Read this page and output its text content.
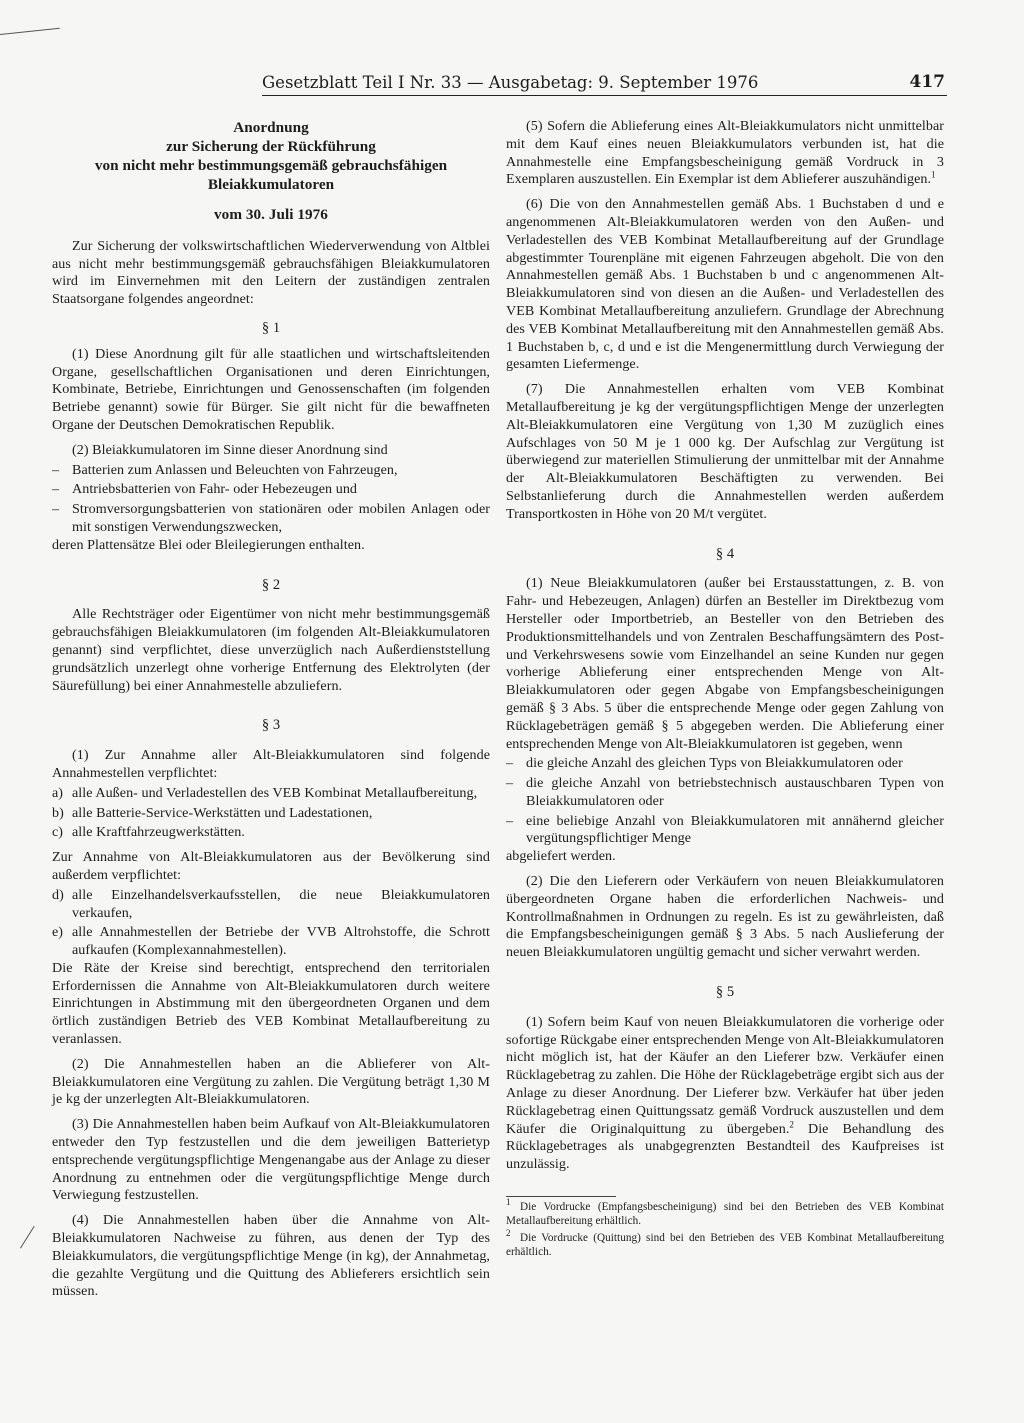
Gesetzblatt Teil I Nr. 33 — Ausgabetag: 9. September 1976	417
Anordnung
zur Sicherung der Rückführung
von nicht mehr bestimmungsgemäß gebrauchsfähigen
Bleiakkumulatoren
vom 30. Juli 1976

Zur Sicherung der volkswirtschaftlichen Wiederverwendung von Altblei aus nicht mehr bestimmungsgemäß gebrauchsfähigen Bleiakkumulatoren wird im Einvernehmen mit den Leitern der zuständigen zentralen Staatsorgane folgendes angeordnet:

§ 1

(1) Diese Anordnung gilt für alle staatlichen und wirtschaftsleitenden Organe, gesellschaftlichen Organisationen und deren Einrichtungen, Kombinate, Betriebe, Einrichtungen und Genossenschaften (im folgenden Betriebe genannt) sowie für Bürger. Sie gilt nicht für die bewaffneten Organe der Deutschen Demokratischen Republik.

(2) Bleiakkumulatoren im Sinne dieser Anordnung sind

– Batterien zum Anlassen und Beleuchten von Fahrzeugen,
– Antriebsbatterien von Fahr- oder Hebezeugen und
– Stromversorgungsbatterien von stationären oder mobilen Anlagen oder mit sonstigen Verwendungszwecken,

deren Plattensätze Blei oder Bleilegierungen enthalten.

§ 2

Alle Rechtsträger oder Eigentümer von nicht mehr bestimmungsgemäß gebrauchsfähigen Bleiakkumulatoren (im folgenden Alt-Bleiakkumulatoren genannt) sind verpflichtet, diese unverzüglich nach Außerdienststellung grundsätzlich unzerlegt ohne vorherige Entfernung des Elektrolyten (der Säurefüllung) bei einer Annahmestelle abzuliefern.

§ 3

(1) Zur Annahme aller Alt-Bleiakkumulatoren sind folgende Annahmestellen verpflichtet:

a) alle Außen- und Verladestellen des VEB Kombinat Metallaufbereitung,
b) alle Batterie-Service-Werkstätten und Ladestationen,
c) alle Kraftfahrzeugwerkstätten.

Zur Annahme von Alt-Bleiakkumulatoren aus der Bevölkerung sind außerdem verpflichtet:

d) alle Einzelhandelsverkaufsstellen, die neue Bleiakkumulatoren verkaufen,
e) alle Annahmestellen der Betriebe der VVB Altrohstoffe, die Schrott aufkaufen (Komplexannahmestellen).

Die Räte der Kreise sind berechtigt, entsprechend den territorialen Erfordernissen die Annahme von Alt-Bleiakkumulatoren durch weitere Einrichtungen in Abstimmung mit den übergeordneten Organen und dem örtlich zuständigen Betrieb des VEB Kombinat Metallaufbereitung zu veranlassen.

(2) Die Annahmestellen haben an die Ablieferer von Alt-Bleiakkumulatoren eine Vergütung zu zahlen. Die Vergütung beträgt 1,30 M je kg der unzerlegten Alt-Bleiakkumulatoren.

(3) Die Annahmestellen haben beim Aufkauf von Alt-Bleiakkumulatoren entweder den Typ festzustellen und die dem jeweiligen Batterietyp entsprechende vergütungspflichtige Mengenangabe aus der Anlage zu dieser Anordnung zu entnehmen oder die vergütungspflichtige Menge durch Verwiegung festzustellen.

(4) Die Annahmestellen haben über die Annahme von Alt-Bleiakkumulatoren Nachweise zu führen, aus denen der Typ des Bleiakkumulators, die vergütungspflichtige Menge (in kg), der Annahmetag, die gezahlte Vergütung und die Quittung des Ablieferers ersichtlich sein müssen.

(5) Sofern die Ablieferung eines Alt-Bleiakkumulators nicht unmittelbar mit dem Kauf eines neuen Bleiakkumulators verbunden ist, hat die Annahmestelle eine Empfangsbescheinigung gemäß Vordruck in 3 Exemplaren auszustellen. Ein Exemplar ist dem Ablieferer auszuhändigen.$^1$

(6) Die von den Annahmestellen gemäß Abs. 1 Buchstaben d und e angenommenen Alt-Bleiakkumulatoren werden von den Außen- und Verladestellen des VEB Kombinat Metallaufbereitung auf der Grundlage abgestimmter Tourenpläne mit eigenen Fahrzeugen abgeholt. Die von den Annahmestellen gemäß Abs. 1 Buchstaben b und c angenommenen Alt-Bleiakkumulatoren sind von diesen an die Außen- und Verladestellen des VEB Kombinat Metallaufbereitung anzuliefern. Grundlage der Abrechnung des VEB Kombinat Metallaufbereitung mit den Annahmestellen gemäß Abs. 1 Buchstaben b, c, d und e ist die Mengenermittlung durch Verwiegung der gesamten Liefermenge.

(7) Die Annahmestellen erhalten vom VEB Kombinat Metallaufbereitung je kg der vergütungspflichtigen Menge der unzerlegten Alt-Bleiakkumulatoren eine Vergütung von 1,30 M zuzüglich eines Aufschlages von 50 M je 1 000 kg. Der Aufschlag zur Vergütung ist überwiegend zur materiellen Stimulierung der unmittelbar mit der Annahme der Alt-Bleiakkumulatoren Beschäftigten zu verwenden. Bei Selbstanlieferung durch die Annahmestellen werden außerdem Transportkosten in Höhe von 20 M/t vergütet.

§ 4

(1) Neue Bleiakkumulatoren (außer bei Erstausstattungen, z. B. von Fahr- und Hebezeugen, Anlagen) dürfen an Besteller im Direktbezug vom Hersteller oder Importbetrieb, an Besteller von den Betrieben des Produktionsmittelhandels und von Zentralen Beschaffungsämtern des Post- und Verkehrswesens sowie vom Einzelhandel an seine Kunden nur gegen vorherige Ablieferung einer entsprechenden Menge von Alt-Bleiakkumulatoren oder gegen Abgabe von Empfangsbescheinigungen gemäß § 3 Abs. 5 über die entsprechende Menge oder gegen Zahlung von Rücklagebeträgen gemäß § 5 abgegeben werden. Die Ablieferung einer entsprechenden Menge von Alt-Bleiakkumulatoren ist gegeben, wenn

– die gleiche Anzahl des gleichen Typs von Bleiakkumulatoren oder
– die gleiche Anzahl von betriebstechnisch austauschbaren Typen von Bleiakkumulatoren oder
– eine beliebige Anzahl von Bleiakkumulatoren mit annähernd gleicher vergütungspflichtiger Menge

abgeliefert werden.

(2) Die den Lieferern oder Verkäufern von neuen Bleiakkumulatoren übergeordneten Organe haben die erforderlichen Nachweis- und Kontrollmaßnahmen in Ordnungen zu regeln. Es ist zu gewährleisten, daß die Empfangsbescheinigungen gemäß § 3 Abs. 5 nach Auslieferung der neuen Bleiakkumulatoren ungültig gemacht und sicher verwahrt werden.

§ 5

(1) Sofern beim Kauf von neuen Bleiakkumulatoren die vorherige oder sofortige Rückgabe einer entsprechenden Menge von Alt-Bleiakkumulatoren nicht möglich ist, hat der Käufer an den Lieferer bzw. Verkäufer einen Rücklagebetrag zu zahlen. Die Höhe der Rücklagebeträge ergibt sich aus der Anlage zu dieser Anordnung. Der Lieferer bzw. Verkäufer hat über jeden Rücklagebetrag einen Quittungssatz gemäß Vordruck auszustellen und dem Käufer die Originalquittung zu übergeben.$^2$ Die Behandlung des Rücklagebetrages als unabgegrenzten Bestandteil des Kaufpreises ist unzulässig.

$^1$ Die Vordrucke (Empfangsbescheinigung) sind bei den Betrieben des VEB Kombinat Metallaufbereitung erhältlich.

$^2$ Die Vordrucke (Quittung) sind bei den Betrieben des VEB Kombinat Metallaufbereitung erhältlich.
